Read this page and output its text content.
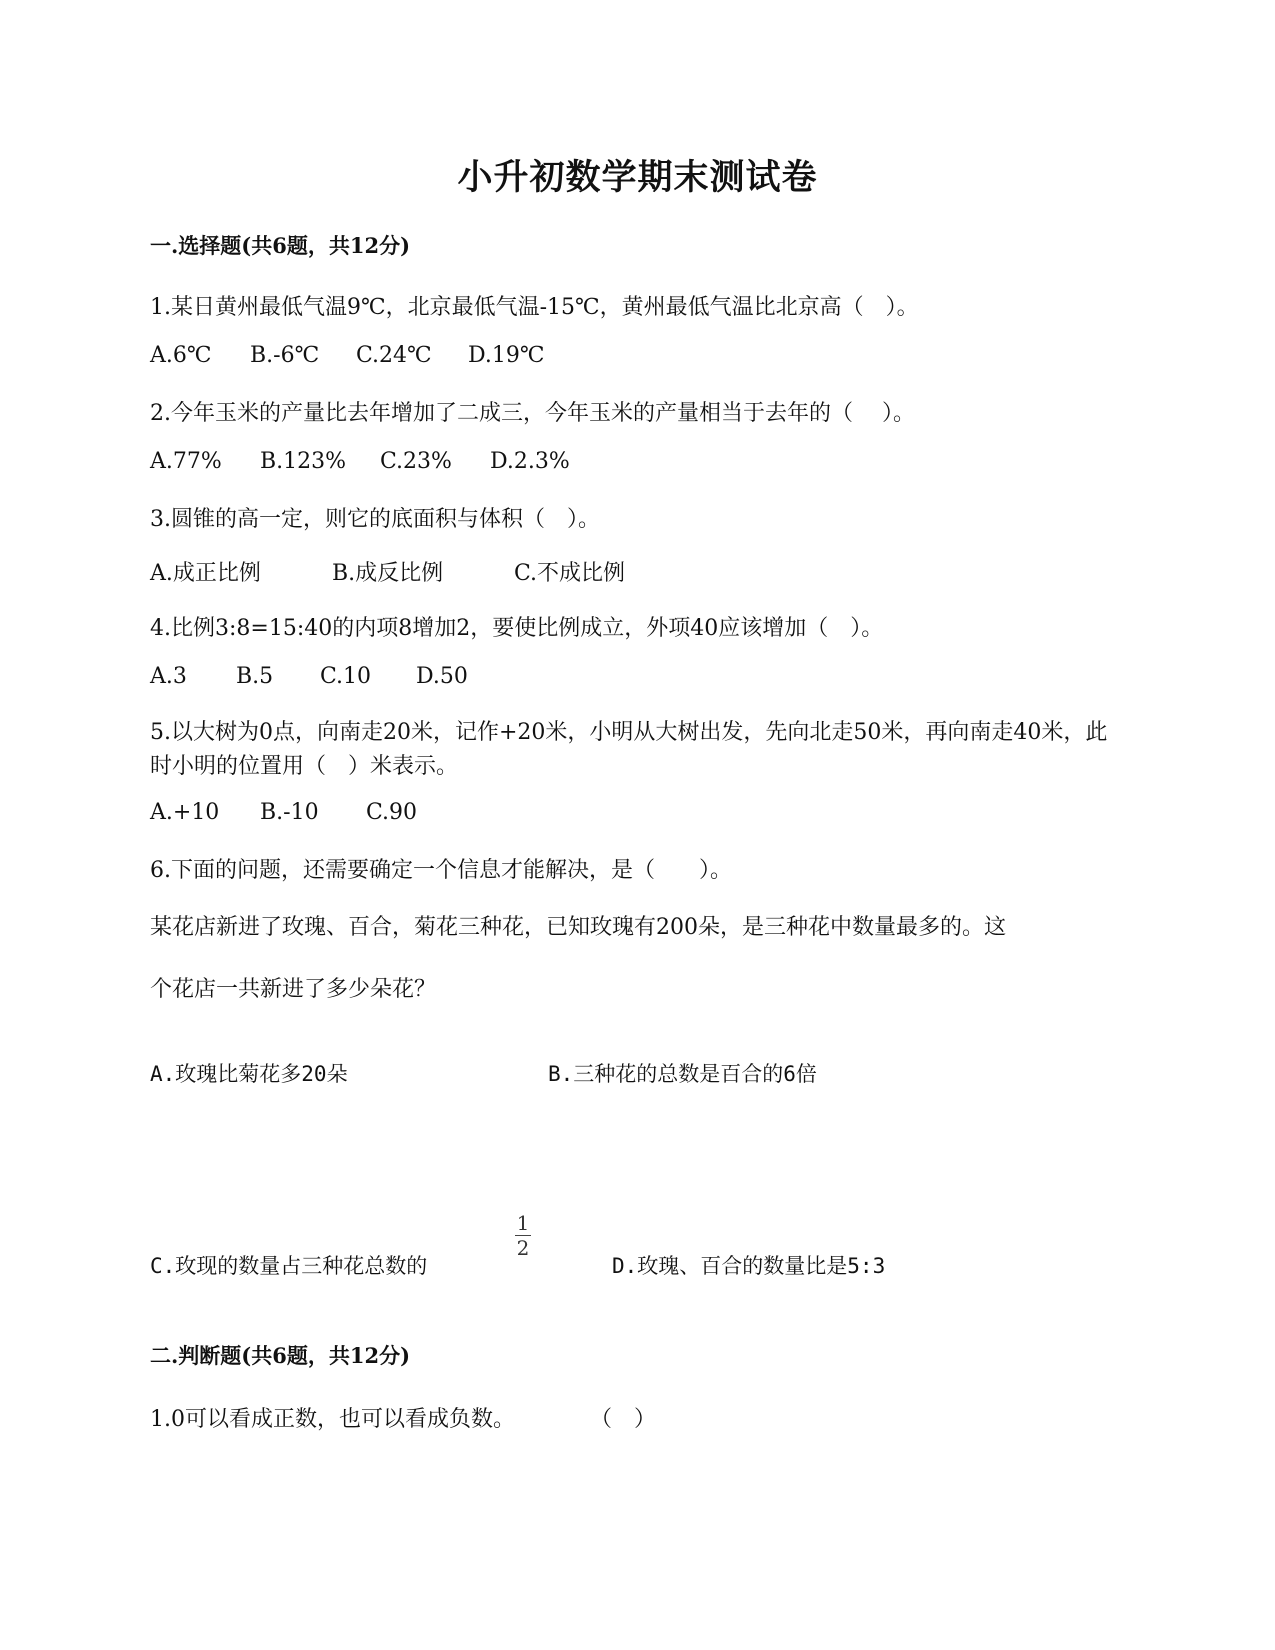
小升初数学期末测试卷
一.选择题(共6题，共12分)
1.某日黄州最低气温9℃，北京最低气温-15℃，黄州最低气温比北京高（　）。
A.6℃ B.-6℃ C.24℃ D.19℃
2.今年玉米的产量比去年增加了二成三，今年玉米的产量相当于去年的（　 ）。
A.77% B.123% C.23% D.2.3%
3.圆锥的高一定，则它的底面积与体积（　）。
A.成正比例	B.成反比例	C.不成比例
4.比例3:8=15:40的内项8增加2，要使比例成立，外项40应该增加（　）。
A.3 B.5 C.10 D.50
5.以大树为0点，向南走20米，记作+20米，小明从大树出发，先向北走50米，再向南走40米，此时小明的位置用（　）米表示。
A.+10 B.-10 C.90
6.下面的问题，还需要确定一个信息才能解决，是（　　）。
某花店新进了玫瑰、百合，菊花三种花，已知玫瑰有200朵，是三种花中数量最多的。这
个花店一共新进了多少朵花？
A.玫瑰比菊花多20朵	B.三种花的总数是百合的6倍
C.玫现的数量占三种花总数的
1
2
D.玫瑰、百合的数量比是5:3
二.判断题(共6题，共12分)
1.0可以看成正数，也可以看成负数。	（　）
